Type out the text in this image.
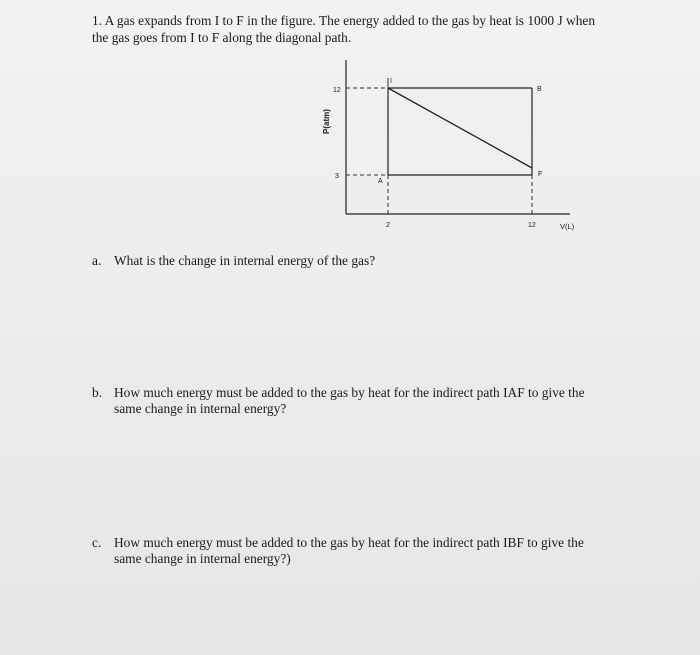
1. A gas expands from I to F in the figure. The energy added to the gas by heat is 1000 J when
the gas goes from I to F along the diagonal path.
12
3
2	12
I
B
A
F
V(L)
P(atm)
a. What is the change in internal energy of the gas?
b. How much energy must be added to the gas by heat for the indirect path IAF to give the
same change in internal energy?
c. How much energy must be added to the gas by heat for the indirect path IBF to give the
same change in internal energy?)
